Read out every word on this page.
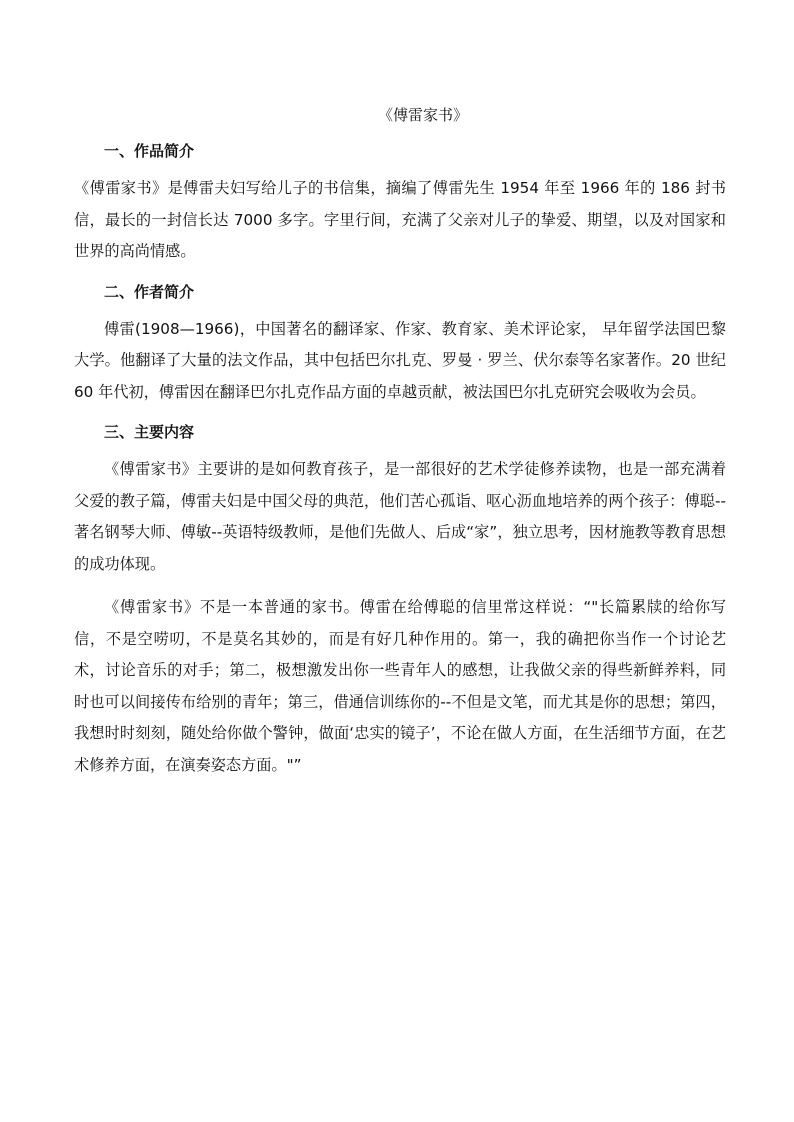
《傅雷家书》
一、作品简介

《傅雷家书》是傅雷夫妇写给儿子的书信集，摘编了傅雷先生 1954 年至 1966 年的 186 封书信，最长的一封信长达 7000 多字。字里行间，充满了父亲对儿子的挚爱、期望，以及对国家和世界的高尚情感。

二、作者简介

傅雷(1908—1966)，中国著名的翻译家、作家、教育家、美术评论家， 早年留学法国巴黎大学。他翻译了大量的法文作品，其中包括巴尔扎克、罗曼 · 罗兰、伏尔泰等名家著作。20 世纪 60 年代初，傅雷因在翻译巴尔扎克作品方面的卓越贡献，被法国巴尔扎克研究会吸收为会员。

三、主要内容

《傅雷家书》主要讲的是如何教育孩子，是一部很好的艺术学徒修养读物，也是一部充满着父爱的教子篇，傅雷夫妇是中国父母的典范，他们苦心孤诣、呕心沥血地培养的两个孩子：傅聪--著名钢琴大师、傅敏--英语特级教师，是他们先做人、后成“家”，独立思考，因材施教等教育思想的成功体现。

《傅雷家书》不是一本普通的家书。傅雷在给傅聪的信里常这样说：“"长篇累牍的给你写信，不是空唠叨，不是莫名其妙的，而是有好几种作用的。第一，我的确把你当作一个讨论艺术，讨论音乐的对手；第二，极想激发出你一些青年人的感想，让我做父亲的得些新鲜养料，同时也可以间接传布给别的青年；第三，借通信训练你的--不但是文笔，而尤其是你的思想；第四，我想时时刻刻，随处给你做个警钟，做面‘忠实的镜子’，不论在做人方面，在生活细节方面，在艺术修养方面，在演奏姿态方面。"”
